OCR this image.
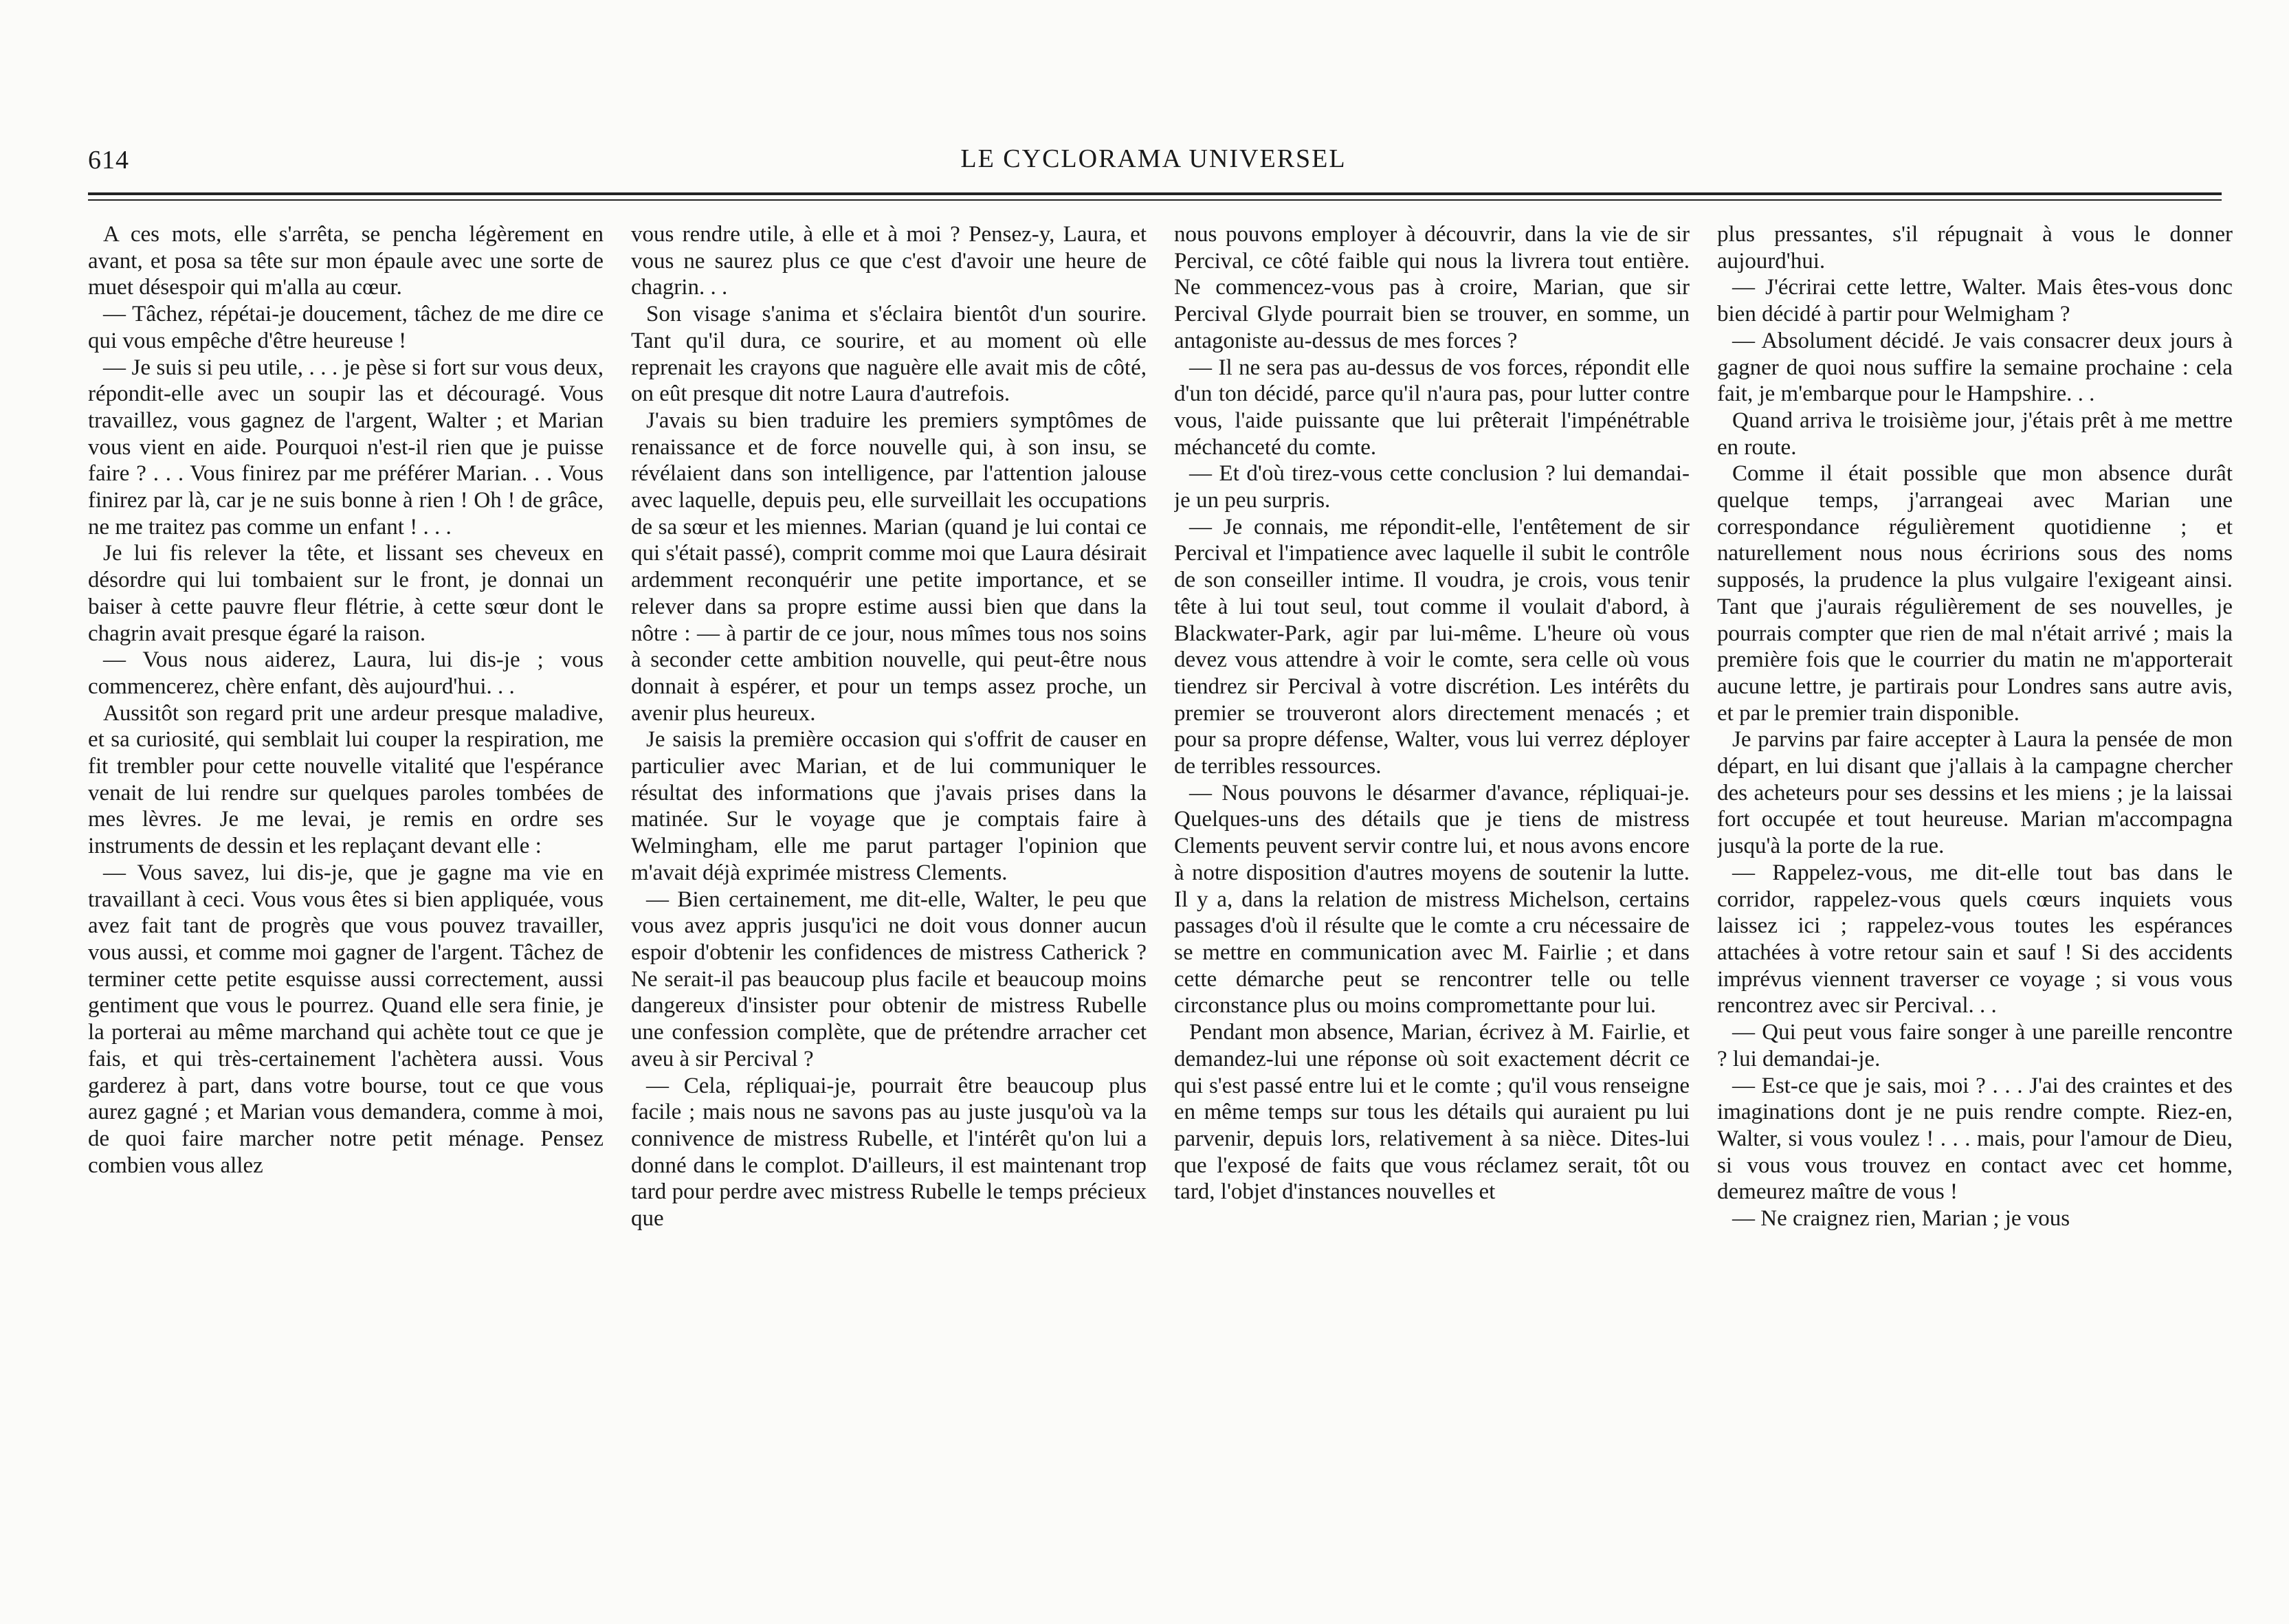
614	LE CYCLORAMA UNIVERSEL

A ces mots, elle s'arrêta, se pencha légèrement en avant, et posa sa tête sur mon épaule avec une sorte de muet désespoir qui m'alla au cœur.

— Tâchez, répétai-je doucement, tâchez de me dire ce qui vous empêche d'être heureuse !

— Je suis si peu utile, . . . je pèse si fort sur vous deux, répondit-elle avec un soupir las et découragé. Vous travaillez, vous gagnez de l'argent, Walter ; et Marian vous vient en aide. Pourquoi n'est-il rien que je puisse faire ? . . . Vous finirez par me préférer Marian. . . Vous finirez par là, car je ne suis bonne à rien ! Oh ! de grâce, ne me traitez pas comme un enfant ! . . .

Je lui fis relever la tête, et lissant ses cheveux en désordre qui lui tombaient sur le front, je donnai un baiser à cette pauvre fleur flétrie, à cette sœur dont le chagrin avait presque égaré la raison.

— Vous nous aiderez, Laura, lui dis-je ; vous commencerez, chère enfant, dès aujourd'hui. . .

Aussitôt son regard prit une ardeur presque maladive, et sa curiosité, qui semblait lui couper la respiration, me fit trembler pour cette nouvelle vitalité que l'espérance venait de lui rendre sur quelques paroles tombées de mes lèvres. Je me levai, je remis en ordre ses instruments de dessin et les replaçant devant elle :

— Vous savez, lui dis-je, que je gagne ma vie en travaillant à ceci. Vous vous êtes si bien appliquée, vous avez fait tant de progrès que vous pouvez travailler, vous aussi, et comme moi gagner de l'argent. Tâchez de terminer cette petite esquisse aussi correctement, aussi gentiment que vous le pourrez. Quand elle sera finie, je la porterai au même marchand qui achète tout ce que je fais, et qui très-certainement l'achètera aussi. Vous garderez à part, dans votre bourse, tout ce que vous aurez gagné ; et Marian vous demandera, comme à moi, de quoi faire marcher notre petit ménage. Pensez combien vous allez

vous rendre utile, à elle et à moi ? Pensez-y, Laura, et vous ne saurez plus ce que c'est d'avoir une heure de chagrin. . .

Son visage s'anima et s'éclaira bientôt d'un sourire. Tant qu'il dura, ce sourire, et au moment où elle reprenait les crayons que naguère elle avait mis de côté, on eût presque dit notre Laura d'autrefois.

J'avais su bien traduire les premiers symptômes de renaissance et de force nouvelle qui, à son insu, se révélaient dans son intelligence, par l'attention jalouse avec laquelle, depuis peu, elle surveillait les occupations de sa sœur et les miennes. Marian (quand je lui contai ce qui s'était passé), comprit comme moi que Laura désirait ardemment reconquérir une petite importance, et se relever dans sa propre estime aussi bien que dans la nôtre : — à partir de ce jour, nous mîmes tous nos soins à seconder cette ambition nouvelle, qui peut-être nous donnait à espérer, et pour un temps assez proche, un avenir plus heureux.

Je saisis la première occasion qui s'offrit de causer en particulier avec Marian, et de lui communiquer le résultat des informations que j'avais prises dans la matinée. Sur le voyage que je comptais faire à Welmingham, elle me parut partager l'opinion que m'avait déjà exprimée mistress Clements.

— Bien certainement, me dit-elle, Walter, le peu que vous avez appris jusqu'ici ne doit vous donner aucun espoir d'obtenir les confidences de mistress Catherick ? Ne serait-il pas beaucoup plus facile et beaucoup moins dangereux d'insister pour obtenir de mistress Rubelle une confession complète, que de prétendre arracher cet aveu à sir Percival ?

— Cela, répliquai-je, pourrait être beaucoup plus facile ; mais nous ne savons pas au juste jusqu'où va la connivence de mistress Rubelle, et l'intérêt qu'on lui a donné dans le complot. D'ailleurs, il est maintenant trop tard pour perdre avec mistress Rubelle le temps précieux que

nous pouvons employer à découvrir, dans la vie de sir Percival, ce côté faible qui nous la livrera tout entière. Ne commencez-vous pas à croire, Marian, que sir Percival Glyde pourrait bien se trouver, en somme, un antagoniste au-dessus de mes forces ?

— Il ne sera pas au-dessus de vos forces, répondit elle d'un ton décidé, parce qu'il n'aura pas, pour lutter contre vous, l'aide puissante que lui prêterait l'impénétrable méchanceté du comte.

— Et d'où tirez-vous cette conclusion ? lui demandai-je un peu surpris.

— Je connais, me répondit-elle, l'entêtement de sir Percival et l'impatience avec laquelle il subit le contrôle de son conseiller intime. Il voudra, je crois, vous tenir tête à lui tout seul, tout comme il voulait d'abord, à Blackwater-Park, agir par lui-même. L'heure où vous devez vous attendre à voir le comte, sera celle où vous tiendrez sir Percival à votre discrétion. Les intérêts du premier se trouveront alors directement menacés ; et pour sa propre défense, Walter, vous lui verrez déployer de terribles ressources.

— Nous pouvons le désarmer d'avance, répliquai-je. Quelques-uns des détails que je tiens de mistress Clements peuvent servir contre lui, et nous avons encore à notre disposition d'autres moyens de soutenir la lutte. Il y a, dans la relation de mistress Michelson, certains passages d'où il résulte que le comte a cru nécessaire de se mettre en communication avec M. Fairlie ; et dans cette démarche peut se rencontrer telle ou telle circonstance plus ou moins compromettante pour lui.

Pendant mon absence, Marian, écrivez à M. Fairlie, et demandez-lui une réponse où soit exactement décrit ce qui s'est passé entre lui et le comte ; qu'il vous renseigne en même temps sur tous les détails qui auraient pu lui parvenir, depuis lors, relativement à sa nièce. Dites-lui que l'exposé de faits que vous réclamez serait, tôt ou tard, l'objet d'instances nouvelles et

plus pressantes, s'il répugnait à vous le donner aujourd'hui.

— J'écrirai cette lettre, Walter. Mais êtes-vous donc bien décidé à partir pour Welmigham ?

— Absolument décidé. Je vais consacrer deux jours à gagner de quoi nous suffire la semaine prochaine : cela fait, je m'embarque pour le Hampshire. . .

Quand arriva le troisième jour, j'étais prêt à me mettre en route.

Comme il était possible que mon absence durât quelque temps, j'arrangeai avec Marian une correspondance régulièrement quotidienne ; et naturellement nous nous écririons sous des noms supposés, la prudence la plus vulgaire l'exigeant ainsi. Tant que j'aurais régulièrement de ses nouvelles, je pourrais compter que rien de mal n'était arrivé ; mais la première fois que le courrier du matin ne m'apporterait aucune lettre, je partirais pour Londres sans autre avis, et par le premier train disponible.

Je parvins par faire accepter à Laura la pensée de mon départ, en lui disant que j'allais à la campagne chercher des acheteurs pour ses dessins et les miens ; je la laissai fort occupée et tout heureuse. Marian m'accompagna jusqu'à la porte de la rue.

— Rappelez-vous, me dit-elle tout bas dans le corridor, rappelez-vous quels cœurs inquiets vous laissez ici ; rappelez-vous toutes les espérances attachées à votre retour sain et sauf ! Si des accidents imprévus viennent traverser ce voyage ; si vous vous rencontrez avec sir Percival. . .

— Qui peut vous faire songer à une pareille rencontre ? lui demandai-je.

— Est-ce que je sais, moi ? . . . J'ai des craintes et des imaginations dont je ne puis rendre compte. Riez-en, Walter, si vous voulez ! . . . mais, pour l'amour de Dieu, si vous vous trouvez en contact avec cet homme, demeurez maître de vous !

— Ne craignez rien, Marian ; je vous
